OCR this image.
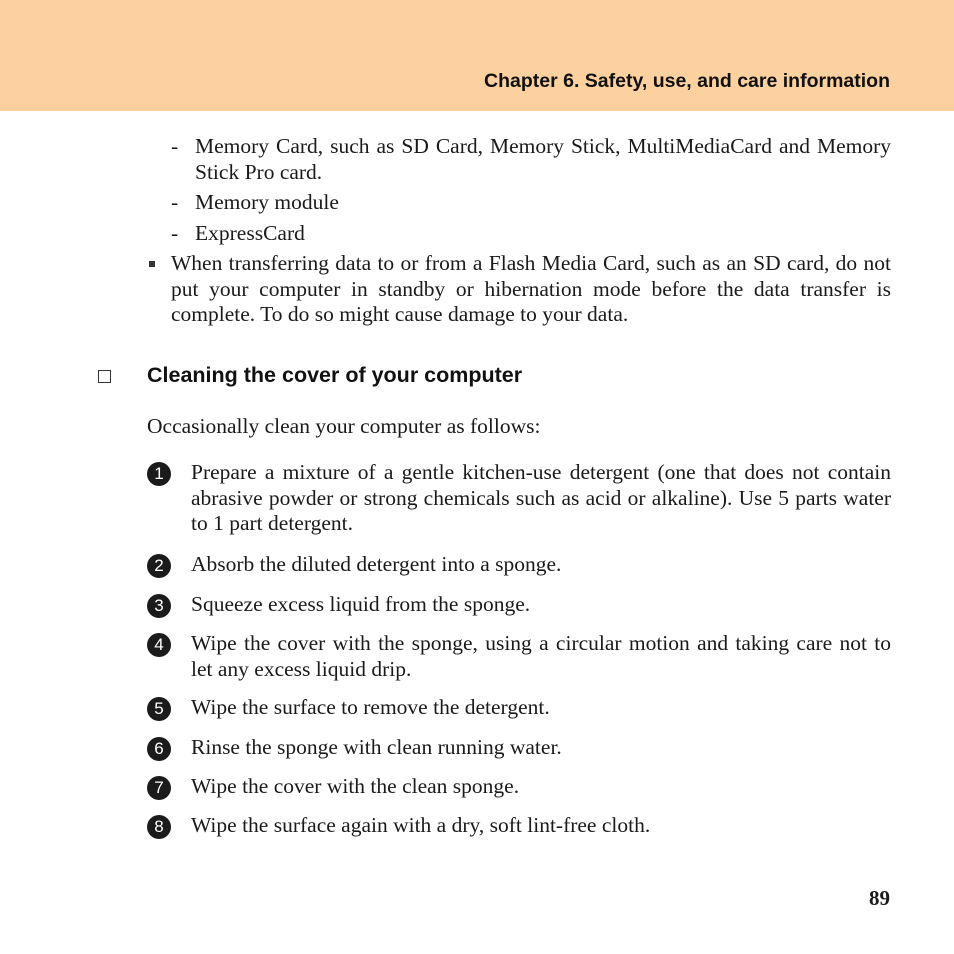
Chapter 6. Safety, use, and care information
- Memory Card, such as SD Card, Memory Stick, MultiMediaCard and Memory Stick Pro card.
- Memory module
- ExpressCard
When transferring data to or from a Flash Media Card, such as an SD card, do not put your computer in standby or hibernation mode before the data transfer is complete. To do so might cause damage to your data.
Cleaning the cover of your computer
Occasionally clean your computer as follows:
1	Prepare a mixture of a gentle kitchen-use detergent (one that does not contain abrasive powder or strong chemicals such as acid or alkaline). Use 5 parts water to 1 part detergent.
2	Absorb the diluted detergent into a sponge.
3	Squeeze excess liquid from the sponge.
4	Wipe the cover with the sponge, using a circular motion and taking care not to let any excess liquid drip.
5	Wipe the surface to remove the detergent.
6	Rinse the sponge with clean running water.
7	Wipe the cover with the clean sponge.
8	Wipe the surface again with a dry, soft lint-free cloth.
89
